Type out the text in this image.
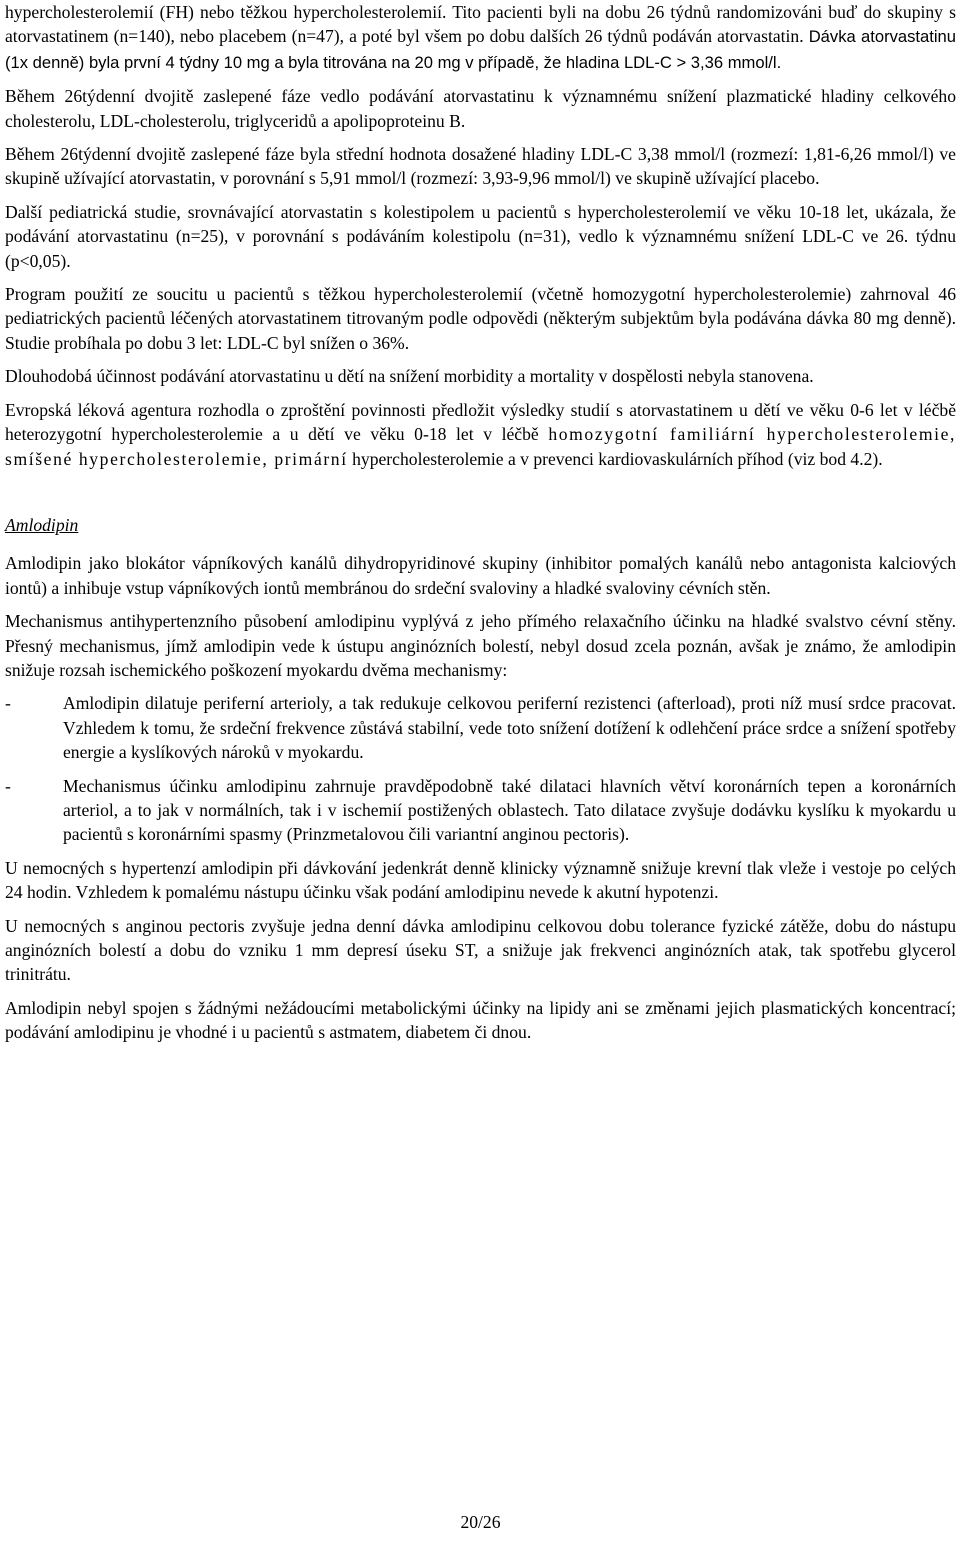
hypercholesterolemií (FH) nebo těžkou hypercholesterolemií. Tito pacienti byli na dobu 26 týdnů randomizováni buď do skupiny s atorvastatinem (n=140), nebo placebem (n=47), a poté byl všem po dobu dalších 26 týdnů podáván atorvastatin. Dávka atorvastatinu (1x denně) byla první 4 týdny 10 mg a byla titrována na 20 mg v případě, že hladina LDL-C > 3,36 mmol/l.

Během 26týdenní dvojitě zaslepené fáze vedlo podávání atorvastatinu k významnému snížení plazmatické hladiny celkového cholesterolu, LDL-cholesterolu, triglyceridů a apolipoproteinu B.

Během 26týdenní dvojitě zaslepené fáze byla střední hodnota dosažené hladiny LDL-C 3,38 mmol/l (rozmezí: 1,81-6,26 mmol/l) ve skupině užívající atorvastatin, v porovnání s 5,91 mmol/l (rozmezí: 3,93-9,96 mmol/l) ve skupině užívající placebo.

Další pediatrická studie, srovnávající atorvastatin s kolestipolem u pacientů s hypercholesterolemií ve věku 10-18 let, ukázala, že podávání atorvastatinu (n=25), v porovnání s podáváním kolestipolu (n=31), vedlo k významnému snížení LDL-C ve 26. týdnu (p<0,05).

Program použití ze soucitu u pacientů s těžkou hypercholesterolemií (včetně homozygotní hypercholesterolemie) zahrnoval 46 pediatrických pacientů léčených atorvastatinem titrovaným podle odpovědi (některým subjektům byla podávána dávka 80 mg denně). Studie probíhala po dobu 3 let: LDL-C byl snížen o 36%.

Dlouhodobá účinnost podávání atorvastatinu u dětí na snížení morbidity a mortality v dospělosti nebyla stanovena.

Evropská léková agentura rozhodla o zproštění povinnosti předložit výsledky studií s atorvastatinem u dětí ve věku 0-6 let v léčbě heterozygotní hypercholesterolemie a u dětí ve věku 0-18 let v léčbě homozygotní familiární hypercholesterolemie, smíšené hypercholesterolemie, primární hypercholesterolemie a v prevenci kardiovaskulárních příhod (viz bod 4.2).

Amlodipin

Amlodipin jako blokátor vápníkových kanálů dihydropyridinové skupiny (inhibitor pomalých kanálů nebo antagonista kalciových iontů) a inhibuje vstup vápníkových iontů membránou do srdeční svaloviny a hladké svaloviny cévních stěn.

Mechanismus antihypertenzního působení amlodipinu vyplývá z jeho přímého relaxačního účinku na hladké svalstvo cévní stěny. Přesný mechanismus, jímž amlodipin vede k ústupu anginózních bolestí, nebyl dosud zcela poznán, avšak je známo, že amlodipin snižuje rozsah ischemického poškození myokardu dvěma mechanismy:

-	Amlodipin dilatuje periferní arterioly, a tak redukuje celkovou periferní rezistenci (afterload), proti níž musí srdce pracovat. Vzhledem k tomu, že srdeční frekvence zůstává stabilní, vede toto snížení dotížení k odlehčení práce srdce a snížení spotřeby energie a kyslíkových nároků v myokardu.
-	Mechanismus účinku amlodipinu zahrnuje pravděpodobně také dilataci hlavních větví koronárních tepen a koronárních arteriol, a to jak v normálních, tak i v ischemií postižených oblastech. Tato dilatace zvyšuje dodávku kyslíku k myokardu u pacientů s koronárními spasmy (Prinzmetalovou čili variantní anginou pectoris).

U nemocných s hypertenzí amlodipin při dávkování jedenkrát denně klinicky významně snižuje krevní tlak vleže i vestoje po celých 24 hodin. Vzhledem k pomalému nástupu účinku však podání amlodipinu nevede k akutní hypotenzi.

U nemocných s anginou pectoris zvyšuje jedna denní dávka amlodipinu celkovou dobu tolerance fyzické zátěže, dobu do nástupu anginózních bolestí a dobu do vzniku 1 mm depresí úseku ST, a snižuje jak frekvenci anginózních atak, tak spotřebu glycerol trinitrátu.

Amlodipin nebyl spojen s žádnými nežádoucími metabolickými účinky na lipidy ani se změnami jejich plasmatických koncentrací; podávání amlodipinu je vhodné i u pacientů s astmatem, diabetem či dnou.

20/26
